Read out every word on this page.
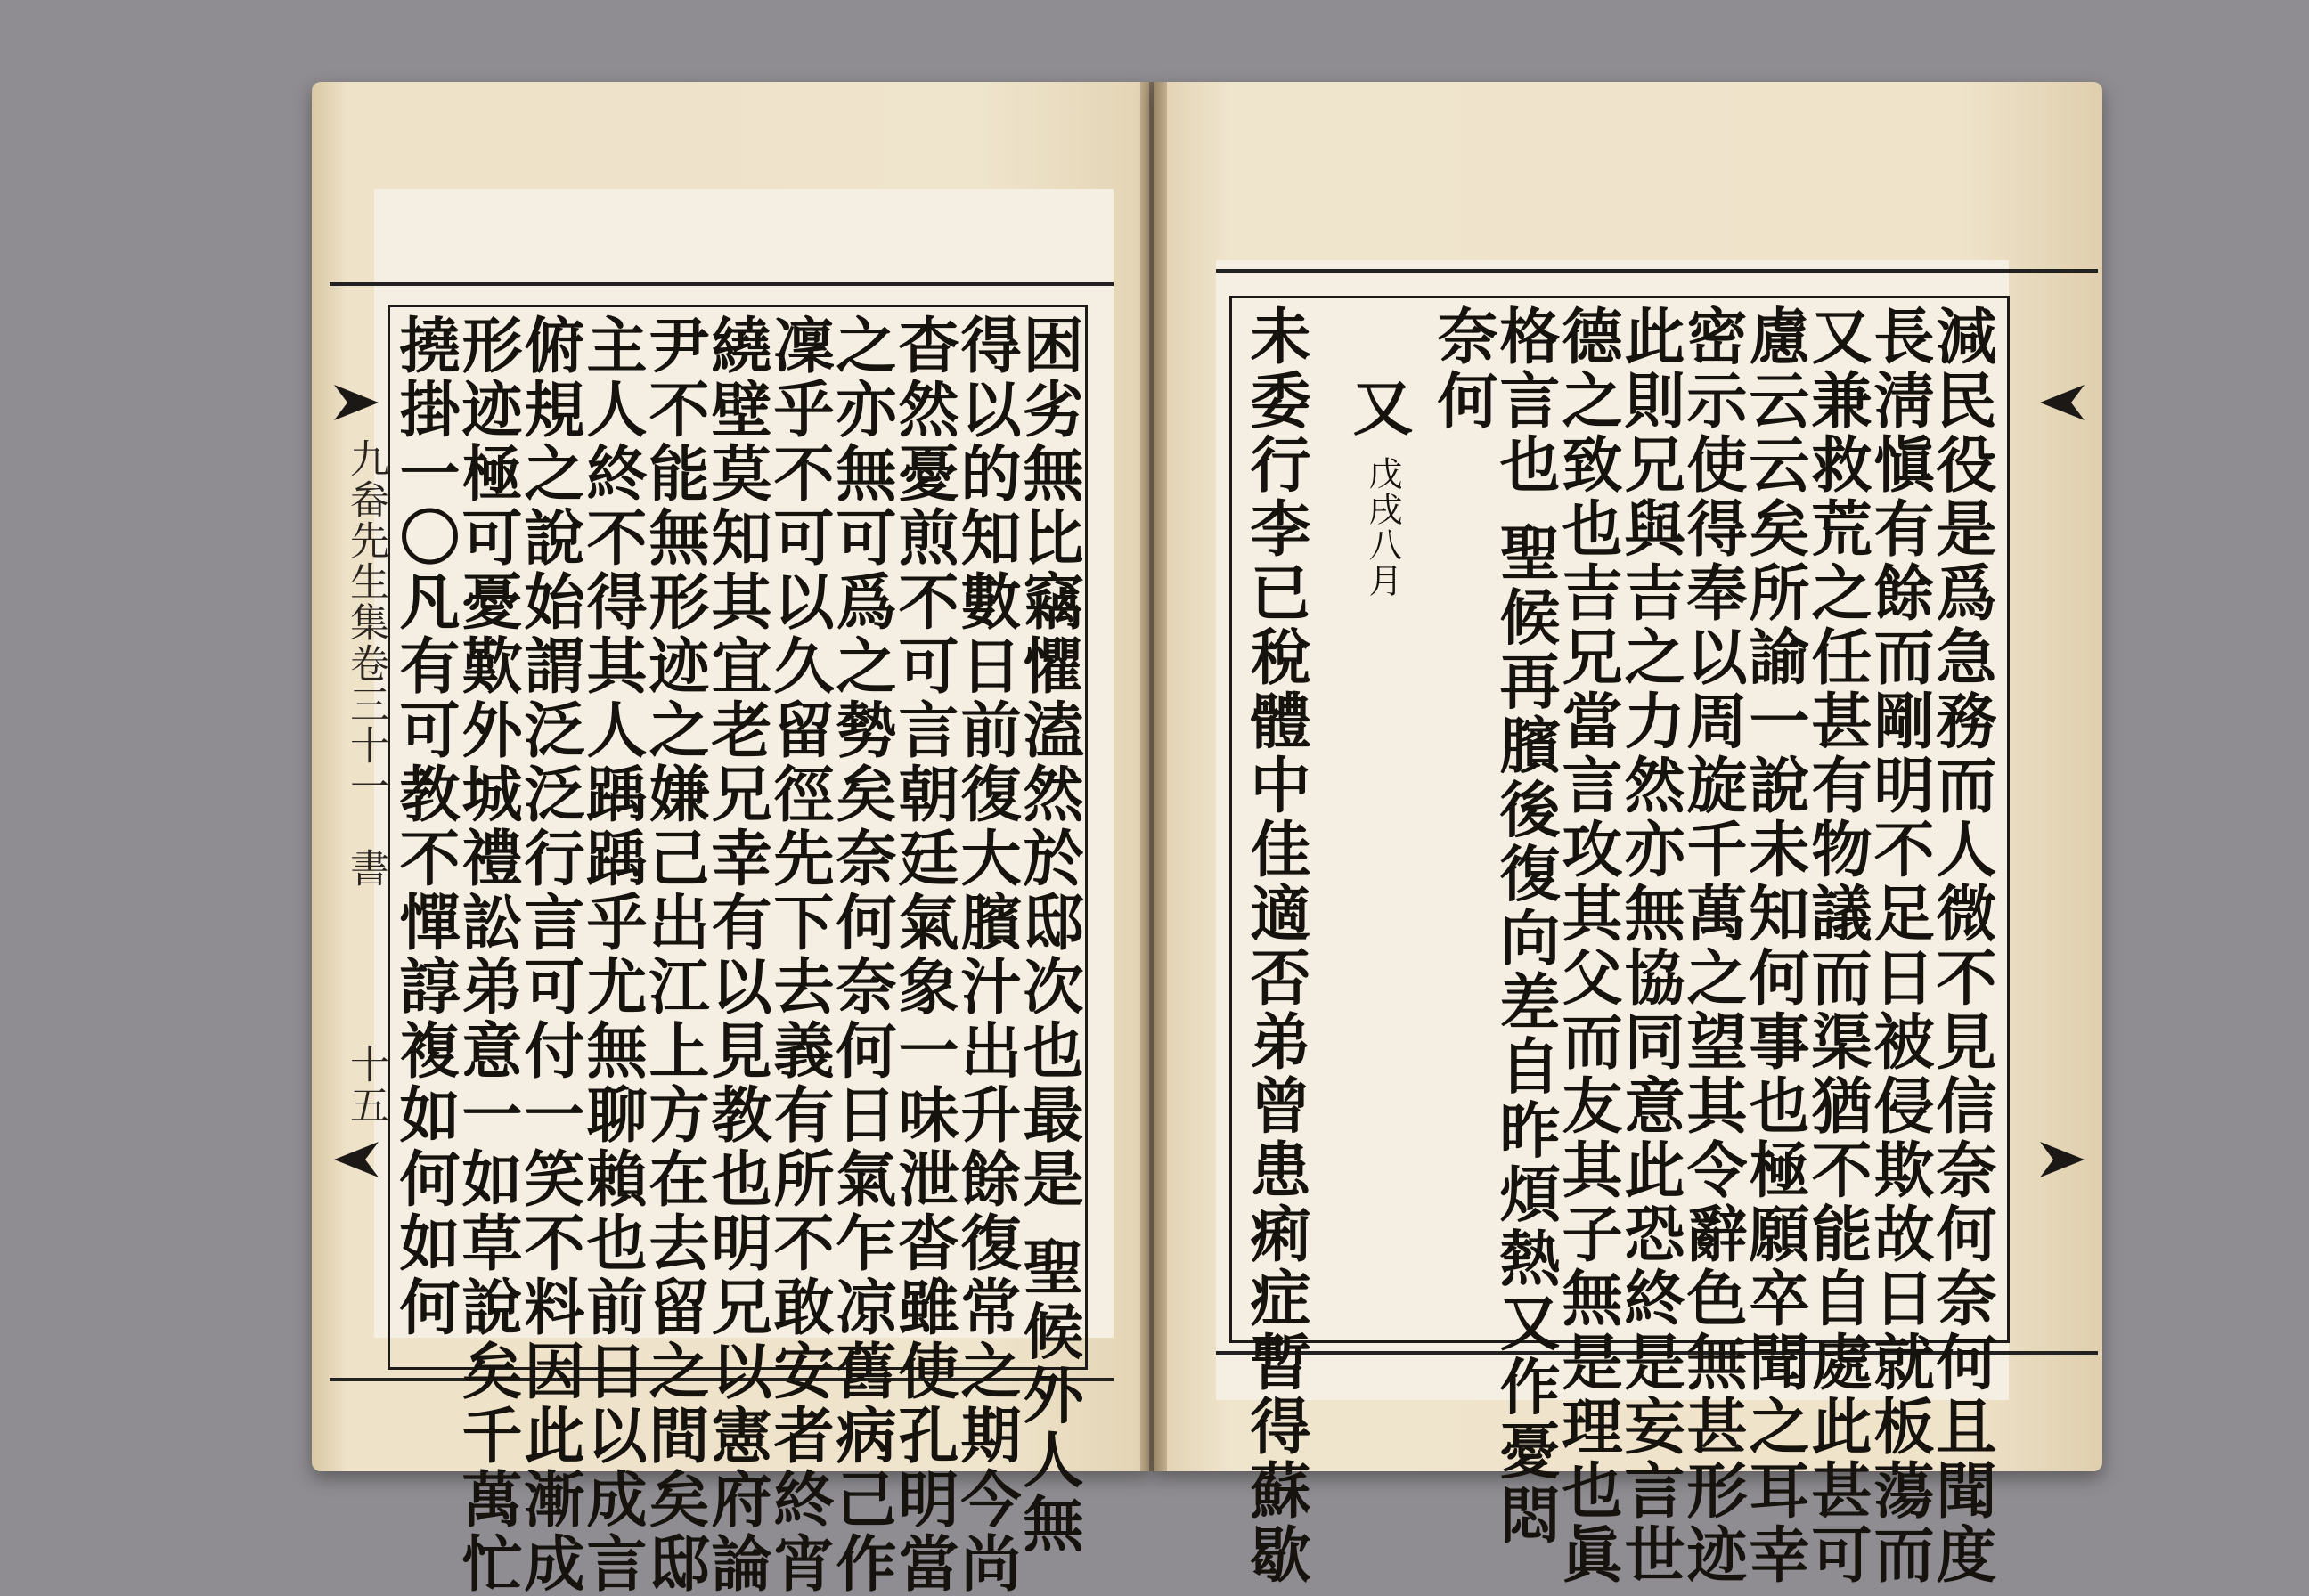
九畚先生集卷三十一
書
十五	困劣無比竊懼溘然於邸次也最是 聖候外人無
得以的知數日前復大臏汁出升餘復常之期今尚
杳然憂煎不可言朝廷氣象一味泄沓雖使孔明當
之亦無可爲之勢矣奈何奈何日氣乍凉舊病己作
凜乎不可以久留徑先下去義有所不敢安者終宵
繞壁莫知其宜老兄幸有以見教也明兄以憲府論
尹不能無形迹之嫌己出江上方在去留之間矣邸
主人終不得其人踽踽乎尤無聊賴也前日以成言
俯規之說始謂泛泛行言可付一笑不料因此漸成
形迹極可憂歎外城禮訟弟意一如草說矣千萬忙
撓掛一〇凡有可教不憚諄複如何如何	減民役是爲急務而人微不見信奈何奈何且聞度
長淸愼有餘而剛明不足日被侵欺故日就板蕩而
又兼救荒之任甚有物議而渠猶不能自處此甚可
慮云云矣所諭一說未知何事也極願卒聞之耳幸
密示使得奉以周旋千萬之望其令辭色無甚形迹
此則兄與吉之力然亦無協同意此恐終是妄言世
德之致也吉兄當言攻其父而友其子無是理也眞
格言也 聖候再臏後復向差自昨煩熱又作憂悶
奈何
又
戊戌八月
未委行李已稅體中佳適否弟曾患痢症暫得蘇歇
